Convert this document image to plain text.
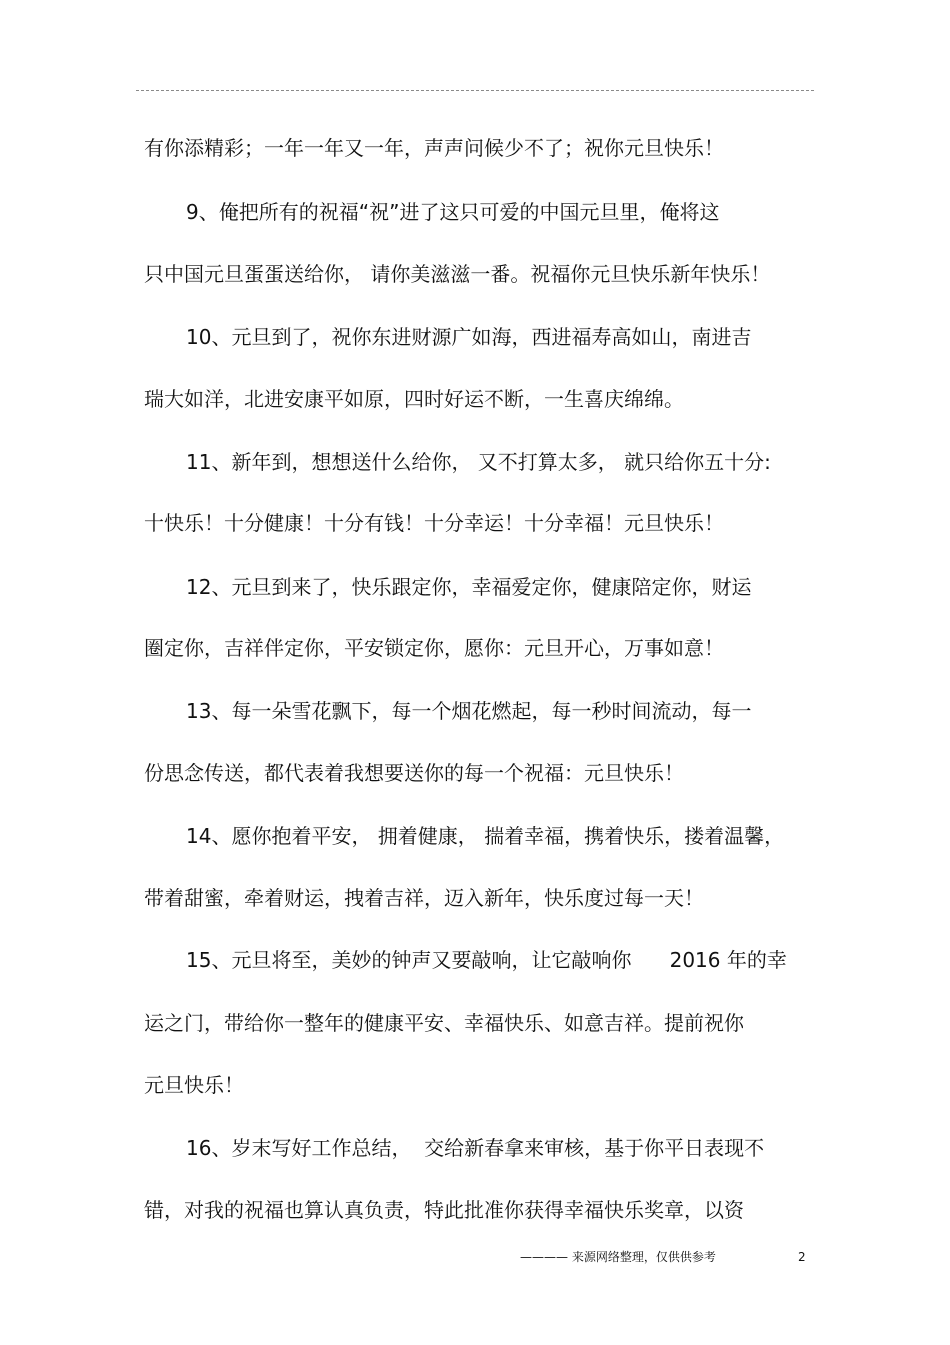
有你添精彩；一年一年又一年，声声问候少不了；祝你元旦快乐！
9、俺把所有的祝福“祝”进了这只可爱的中国元旦里，俺将这
只中国元旦蛋蛋送给你， 请你美滋滋一番。祝福你元旦快乐新年快乐！
10、元旦到了，祝你东进财源广如海，西进福寿高如山，南进吉
瑞大如洋，北进安康平如原，四时好运不断，一生喜庆绵绵。
11、新年到，想想送什么给你， 又不打算太多， 就只给你五十分:
十快乐！十分健康！十分有钱！十分幸运！十分幸福！元旦快乐！
12、元旦到来了，快乐跟定你，幸福爱定你，健康陪定你，财运
圈定你，吉祥伴定你，平安锁定你，愿你：元旦开心，万事如意！
13、每一朵雪花飘下，每一个烟花燃起，每一秒时间流动，每一
份思念传送，都代表着我想要送你的每一个祝福：元旦快乐！
14、愿你抱着平安， 拥着健康， 揣着幸福，携着快乐，搂着温馨，
带着甜蜜，牵着财运，拽着吉祥，迈入新年，快乐度过每一天！
15、元旦将至，美妙的钟声又要敲响，让它敲响你      2016 年的幸
运之门，带给你一整年的健康平安、幸福快乐、如意吉祥。提前祝你
元旦快乐！
16、岁末写好工作总结，  交给新春拿来审核，基于你平日表现不
错，对我的祝福也算认真负责，特此批准你获得幸福快乐奖章，以资
———— 来源网络整理，仅供供参考	2
